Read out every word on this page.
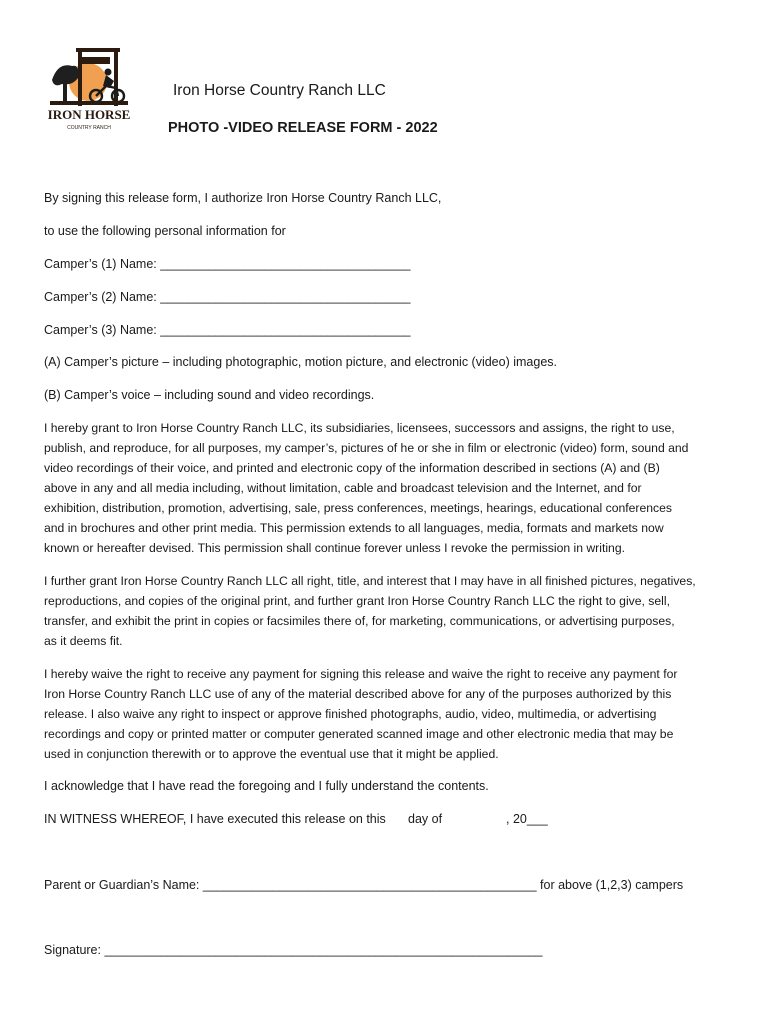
IRON HORSE
COUNTRY RANCH
Iron Horse Country Ranch LLC
PHOTO -VIDEO RELEASE FORM - 2022
By signing this release form, I authorize Iron Horse Country Ranch LLC,
to use the following personal information for
Camper’s (1) Name: ____________________________________
Camper’s (2) Name: ____________________________________
Camper’s (3) Name: ____________________________________
(A) Camper’s picture – including photographic, motion picture, and electronic (video) images.
(B) Camper’s voice – including sound and video recordings.

I hereby grant to Iron Horse Country Ranch LLC, its subsidiaries, licensees, successors and assigns, the right to use,

publish, and reproduce, for all purposes, my camper’s, pictures of he or she in film or electronic (video) form, sound and

video recordings of their voice, and printed and electronic copy of the information described in sections (A) and (B)

above in any and all media including, without limitation, cable and broadcast television and the Internet, and for

exhibition, distribution, promotion, advertising, sale, press conferences, meetings, hearings, educational conferences

and in brochures and other print media. This permission extends to all languages, media, formats and markets now

known or hereafter devised. This permission shall continue forever unless I revoke the permission in writing.

I further grant Iron Horse Country Ranch LLC all right, title, and interest that I may have in all finished pictures, negatives,

reproductions, and copies of the original print, and further grant Iron Horse Country Ranch LLC the right to give, sell,

transfer, and exhibit the print in copies or facsimiles there of, for marketing, communications, or advertising purposes,

as it deems fit.

I hereby waive the right to receive any payment for signing this release and waive the right to receive any payment for

Iron Horse Country Ranch LLC use of any of the material described above for any of the purposes authorized by this

release. I also waive any right to inspect or approve finished photographs, audio, video, multimedia, or advertising

recordings and copy or printed matter or computer generated scanned image and other electronic media that may be

used in conjunction therewith or to approve the eventual use that it might be applied.

I acknowledge that I have read the foregoing and I fully understand the contents.
IN WITNESS WHEREOF, I have executed this release on this day of	, 20___
Parent or Guardian’s Name: ________________________________________________ for above (1,2,3) campers
Signature: _______________________________________________________________
